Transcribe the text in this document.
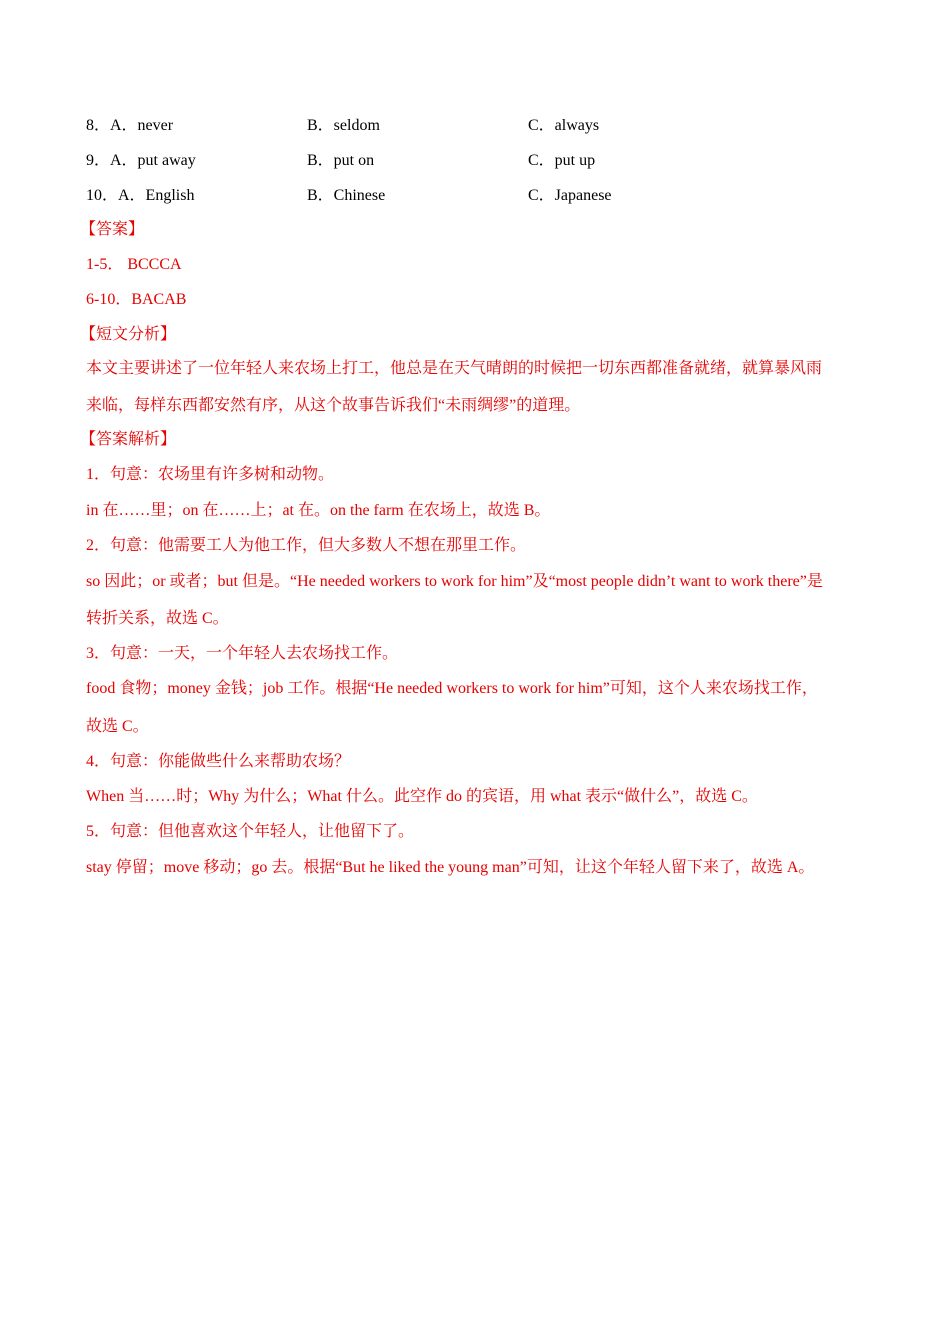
8．A．never	B．seldom	C．always
9．A．put away	B．put on	C．put up
10．A．English	B．Chinese	C．Japanese
【答案】
1-5． BCCCA
6-10．BACAB
【短文分析】
本文主要讲述了一位年轻人来农场上打工，他总是在天气晴朗的时候把一切东西都准备就绪，就算暴风雨
来临，每样东西都安然有序，从这个故事告诉我们“未雨绸缪”的道理。
【答案解析】
1．句意：农场里有许多树和动物。
in 在……里；on 在……上；at 在。on the farm 在农场上，故选 B。
2．句意：他需要工人为他工作，但大多数人不想在那里工作。
so 因此；or 或者；but 但是。“He needed workers to work for him”及“most people didn’t want to work there”是
转折关系，故选 C。
3．句意：一天，一个年轻人去农场找工作。
food 食物；money 金钱；job 工作。根据“He needed workers to work for him”可知，这个人来农场找工作，
故选 C。
4．句意：你能做些什么来帮助农场？
When 当……时；Why 为什么；What 什么。此空作 do 的宾语，用 what 表示“做什么”，故选 C。
5．句意：但他喜欢这个年轻人，让他留下了。
stay 停留；move 移动；go 去。根据“But he liked the young man”可知，让这个年轻人留下来了，故选 A。
